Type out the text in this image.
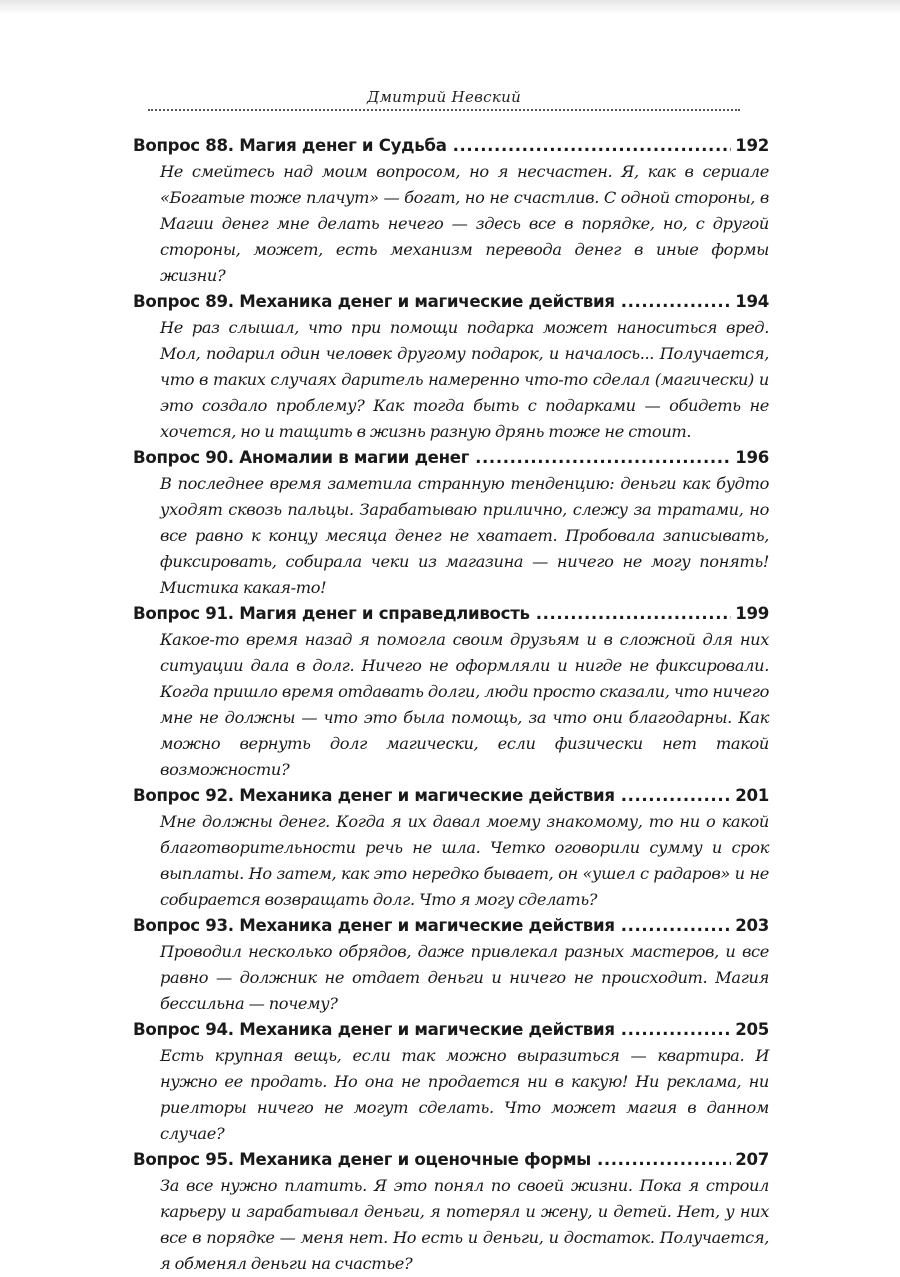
Дмитрий Невский
Вопрос 88. Магия денег и Судьба .....	192

Не смейтесь над моим вопросом, но я несчастен. Я, как в сериале «Богатые тоже плачут» — богат, но не счастлив. С одной стороны, в Магии денег мне делать нечего — здесь все в порядке, но, с другой стороны, может, есть механизм перевода денег в иные формы жизни?

Вопрос 89. Механика денег и магические действия .....	194

Не раз слышал, что при помощи подарка может наноситься вред. Мол, подарил один человек другому подарок, и началось... Получается, что в таких случаях даритель намеренно что-то сделал (магически) и это создало проблему? Как тогда быть с подарками — обидеть не хочется, но и тащить в жизнь разную дрянь тоже не стоит.

Вопрос 90. Аномалии в магии денег .....	196

В последнее время заметила странную тенденцию: деньги как будто уходят сквозь пальцы. Зарабатываю прилично, слежу за тратами, но все равно к концу месяца денег не хватает. Пробовала записывать, фиксировать, собирала чеки из магазина — ничего не могу понять! Мистика какая-то!

Вопрос 91. Магия денег и справедливость .....	199

Какое-то время назад я помогла своим друзьям и в сложной для них ситуации дала в долг. Ничего не оформляли и нигде не фиксировали. Когда пришло время отдавать долги, люди просто сказали, что ничего мне не должны — что это была помощь, за что они благодарны. Как можно вернуть долг магически, если физически нет такой возможности?

Вопрос 92. Механика денег и магические действия .....	201

Мне должны денег. Когда я их давал моему знакомому, то ни о какой благотворительности речь не шла. Четко оговорили сумму и срок выплаты. Но затем, как это нередко бывает, он «ушел с радаров» и не собирается возвращать долг. Что я могу сделать?

Вопрос 93. Механика денег и магические действия .....	203

Проводил несколько обрядов, даже привлекал разных мастеров, и все равно — должник не отдает деньги и ничего не происходит. Магия бессильна — почему?

Вопрос 94. Механика денег и магические действия .....	205

Есть крупная вещь, если так можно выразиться — квартира. И нужно ее продать. Но она не продается ни в какую! Ни реклама, ни риелторы ничего не могут сделать. Что может магия в данном случае?

Вопрос 95. Механика денег и оценочные формы .....	207

За все нужно платить. Я это понял по своей жизни. Пока я строил карьеру и зарабатывал деньги, я потерял и жену, и детей. Нет, у них все в порядке — меня нет. Но есть и деньги, и достаток. Получается, я обменял деньги на счастье?
